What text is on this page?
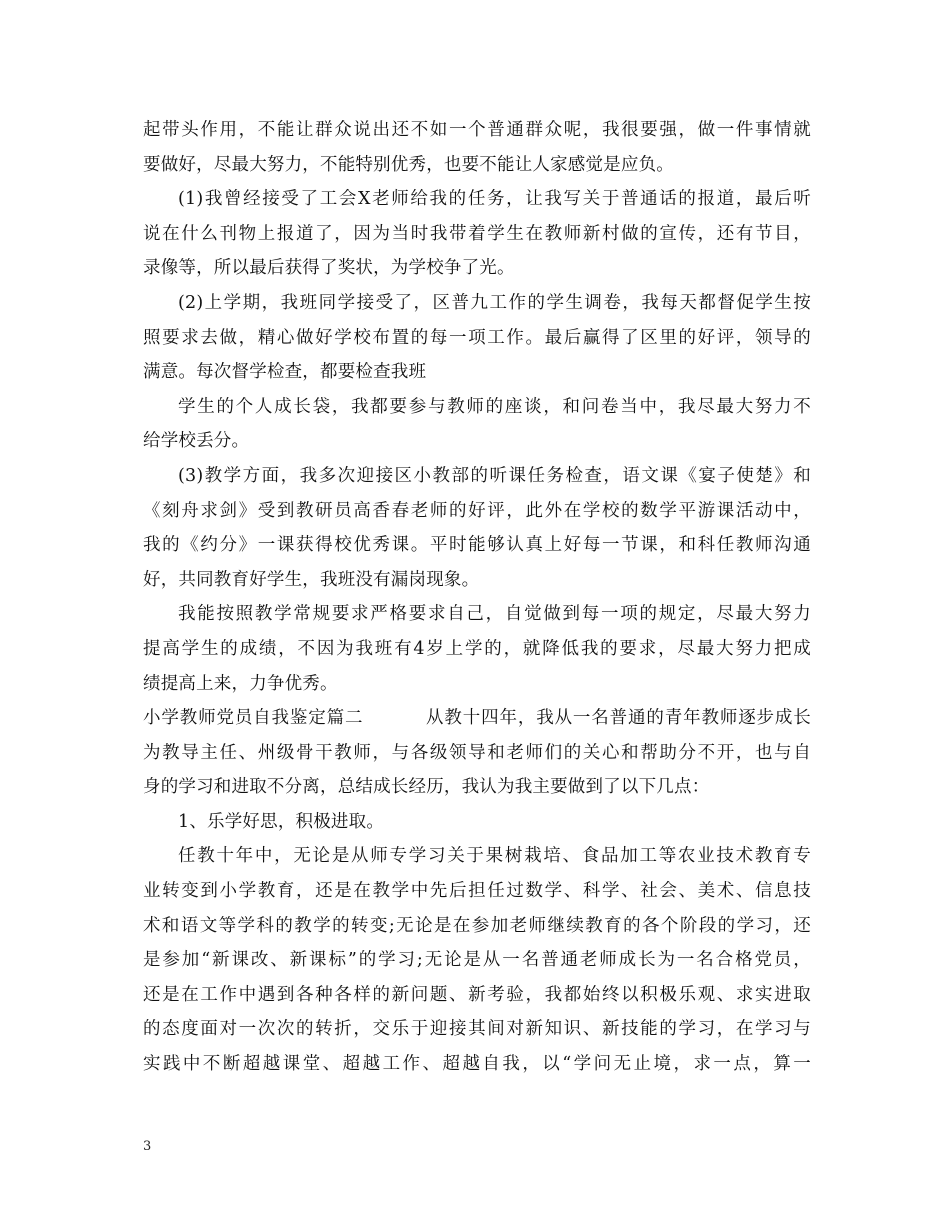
起带头作用，不能让群众说出还不如一个普通群众呢，我很要强，做一件事情就
要做好，尽最大努力，不能特别优秀，也要不能让人家感觉是应负。
(1)我曾经接受了工会X老师给我的任务，让我写关于普通话的报道，最后听
说在什么刊物上报道了，因为当时我带着学生在教师新村做的宣传，还有节目，
录像等，所以最后获得了奖状，为学校争了光。
(2)上学期，我班同学接受了，区普九工作的学生调卷，我每天都督促学生按
照要求去做，精心做好学校布置的每一项工作。最后赢得了区里的好评，领导的
满意。每次督学检查，都要检查我班
学生的个人成长袋，我都要参与教师的座谈，和问卷当中，我尽最大努力不
给学校丢分。
(3)教学方面，我多次迎接区小教部的听课任务检查，语文课《宴子使楚》和
《刻舟求剑》受到教研员高香春老师的好评，此外在学校的数学平游课活动中，
我的《约分》一课获得校优秀课。平时能够认真上好每一节课，和科任教师沟通
好，共同教育好学生，我班没有漏岗现象。
我能按照教学常规要求严格要求自己，自觉做到每一项的规定，尽最大努力
提高学生的成绩，不因为我班有4岁上学的，就降低我的要求，尽最大努力把成
绩提高上来，力争优秀。
小学教师党员自我鉴定篇二	从教十四年，我从一名普通的青年教师逐步成长
为教导主任、州级骨干教师，与各级领导和老师们的关心和帮助分不开，也与自
身的学习和进取不分离，总结成长经历，我认为我主要做到了以下几点：
1、乐学好思，积极进取。
任教十年中，无论是从师专学习关于果树栽培、食品加工等农业技术教育专
业转变到小学教育，还是在教学中先后担任过数学、科学、社会、美术、信息技
术和语文等学科的教学的转变;无论是在参加老师继续教育的各个阶段的学习，还
是参加“新课改、新课标”的学习;无论是从一名普通老师成长为一名合格党员，
还是在工作中遇到各种各样的新问题、新考验，我都始终以积极乐观、求实进取
的态度面对一次次的转折，交乐于迎接其间对新知识、新技能的学习，在学习与
实践中不断超越课堂、超越工作、超越自我，以“学问无止境，求一点，算一
3
